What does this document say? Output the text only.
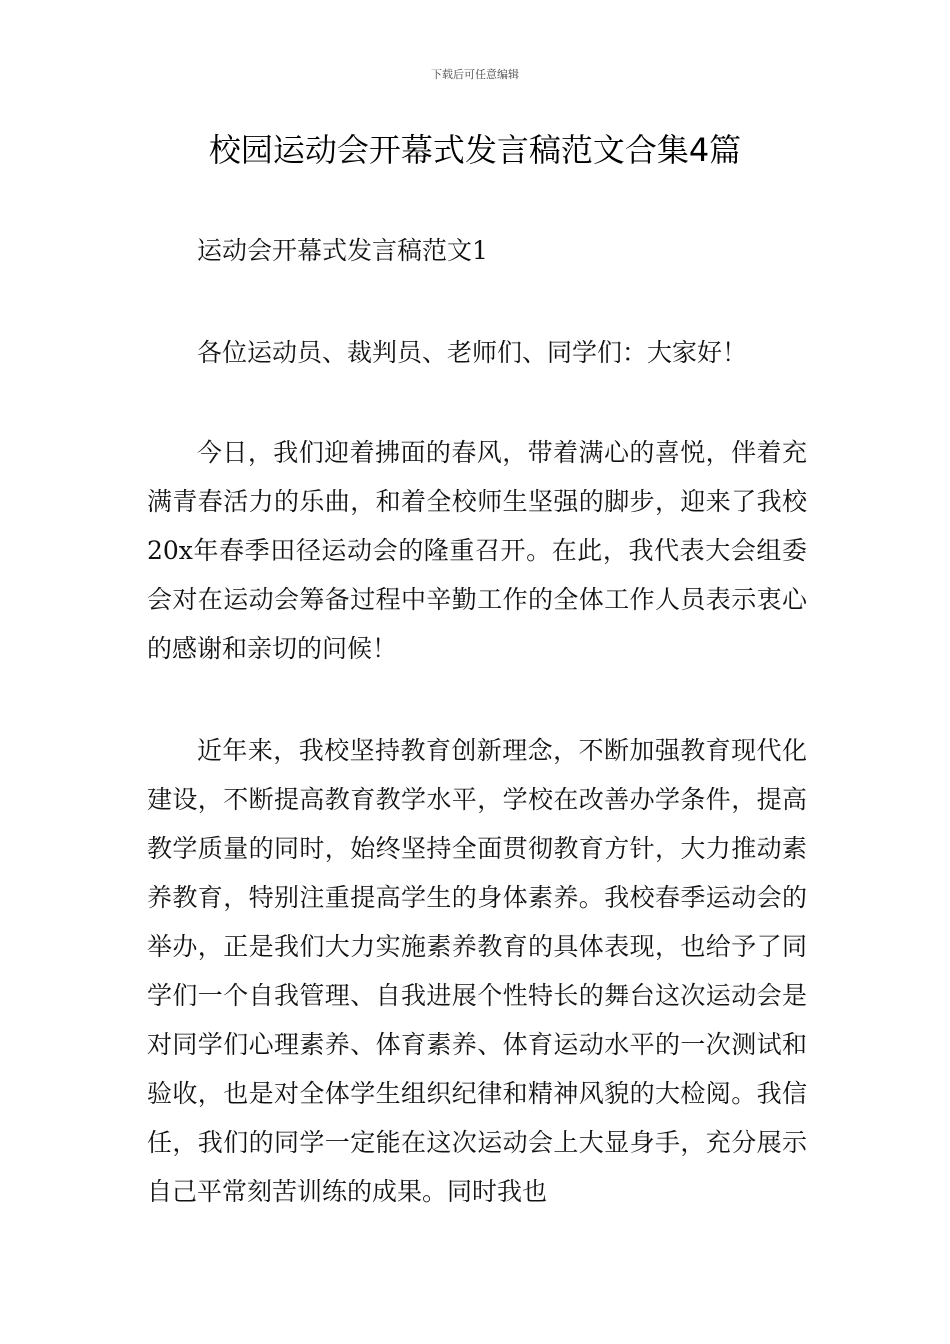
下载后可任意编辑
校园运动会开幕式发言稿范文合集4篇

运动会开幕式发言稿范文1

各位运动员、裁判员、老师们、同学们：大家好！

今日，我们迎着拂面的春风，带着满心的喜悦，伴着充满青春活力的乐曲，和着全校师生坚强的脚步，迎来了我校20x年春季田径运动会的隆重召开。在此，我代表大会组委会对在运动会筹备过程中辛勤工作的全体工作人员表示衷心的感谢和亲切的问候！

近年来，我校坚持教育创新理念，不断加强教育现代化建设，不断提高教育教学水平，学校在改善办学条件，提高教学质量的同时，始终坚持全面贯彻教育方针，大力推动素养教育，特别注重提高学生的身体素养。我校春季运动会的举办，正是我们大力实施素养教育的具体表现，也给予了同学们一个自我管理、自我进展个性特长的舞台这次运动会是对同学们心理素养、体育素养、体育运动水平的一次测试和验收，也是对全体学生组织纪律和精神风貌的大检阅。我信任，我们的同学一定能在这次运动会上大显身手，充分展示自己平常刻苦训练的成果。同时我也
